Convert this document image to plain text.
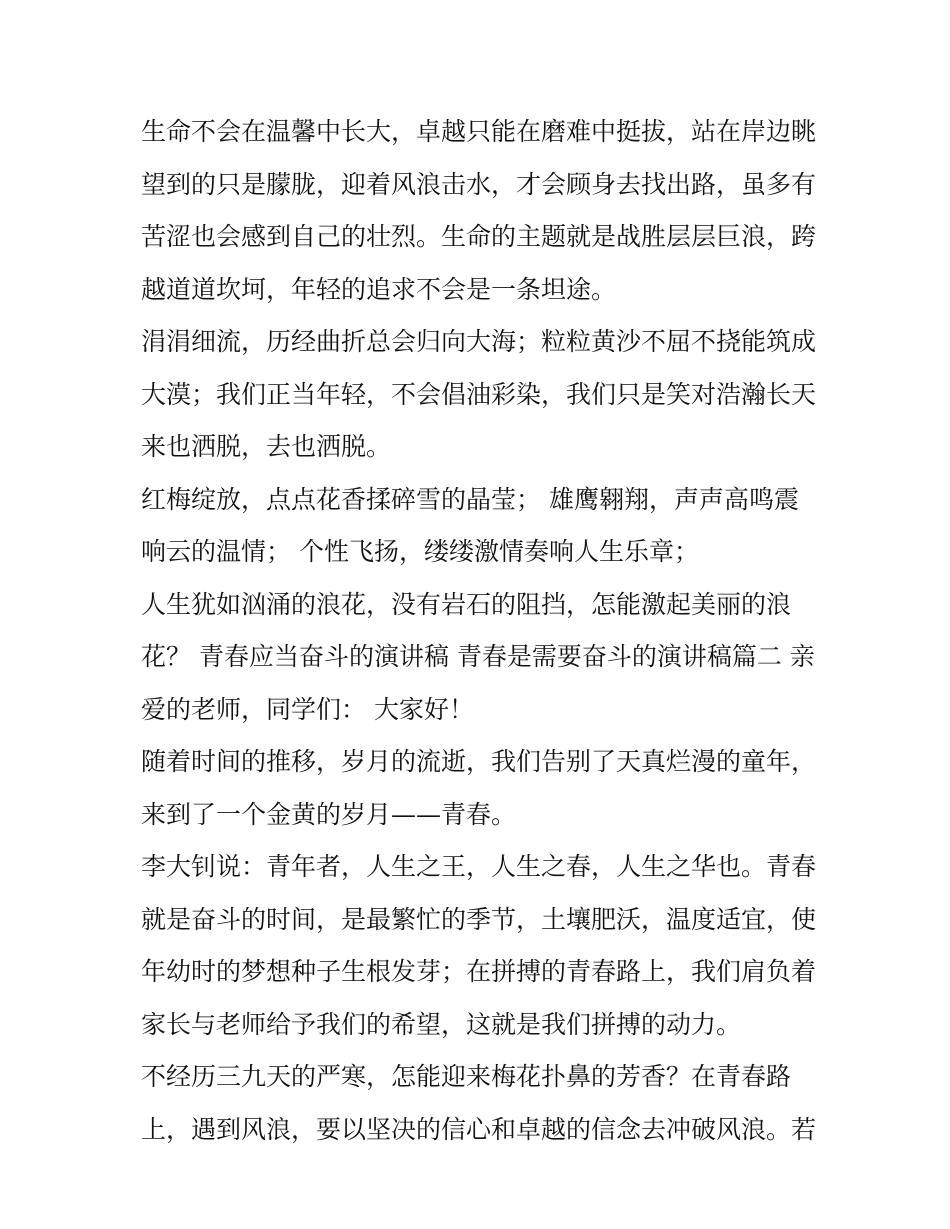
生命不会在温馨中长大，卓越只能在磨难中挺拔，站在岸边眺
望到的只是朦胧，迎着风浪击水，才会顾身去找出路，虽多有
苦涩也会感到自己的壮烈。生命的主题就是战胜层层巨浪，跨
越道道坎坷，年轻的追求不会是一条坦途。
涓涓细流，历经曲折总会归向大海；粒粒黄沙不屈不挠能筑成
大漠；我们正当年轻，不会倡油彩染，我们只是笑对浩瀚长天
来也洒脱，去也洒脱。
红梅绽放，点点花香揉碎雪的晶莹； 雄鹰翱翔，声声高鸣震
响云的温情； 个性飞扬，缕缕激情奏响人生乐章；
人生犹如汹涌的浪花，没有岩石的阻挡，怎能激起美丽的浪
花？ 青春应当奋斗的演讲稿 青春是需要奋斗的演讲稿篇二 亲
爱的老师，同学们： 大家好！
随着时间的推移，岁月的流逝，我们告别了天真烂漫的童年，
来到了一个金黄的岁月——青春。
李大钊说：青年者，人生之王，人生之春，人生之华也。青春
就是奋斗的时间，是最繁忙的季节，土壤肥沃，温度适宜，使
年幼时的梦想种子生根发芽；在拼搏的青春路上，我们肩负着
家长与老师给予我们的希望，这就是我们拼搏的动力。
不经历三九天的严寒，怎能迎来梅花扑鼻的芳香？在青春路
上，遇到风浪，要以坚决的信心和卓越的信念去冲破风浪。若
